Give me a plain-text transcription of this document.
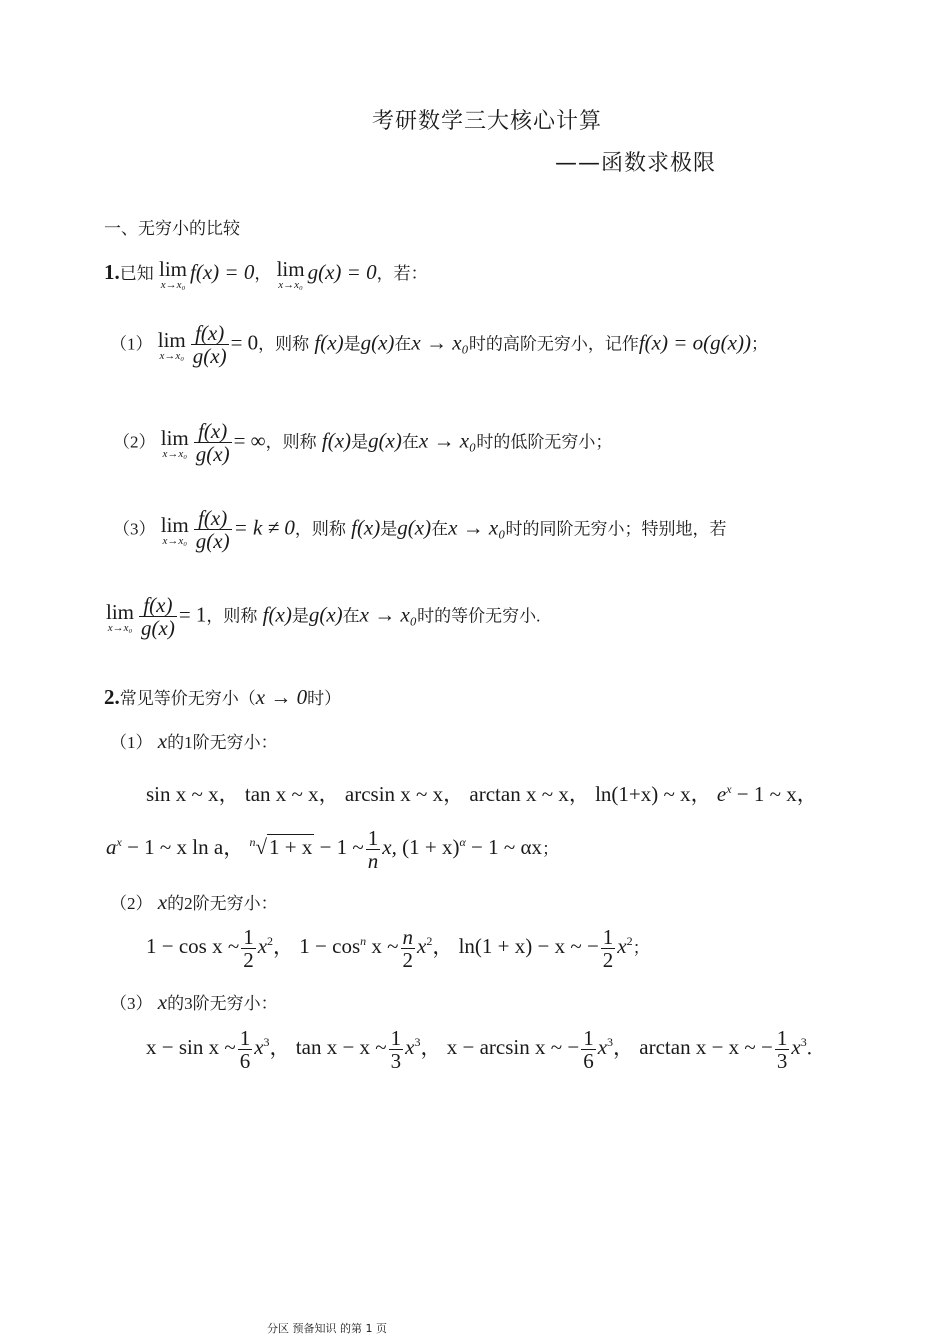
考研数学三大核心计算
——函数求极限
一、无穷小的比较
1.已知 lim
x→x₀
f(x) = 0， lim
x→x₀
g(x) = 0，若：
（1） lim
$x\to x_0 \frac{f(x)}{g(x)} = 0$，则称 f(x)是g(x)在x → x₀时的高阶无穷小，记作f(x) = o(g(x))；
（2） lim
$x\to x_0 \frac{f(x)}{g(x)}$ = ∞，则称 f(x)是g(x)在x → x₀时的低阶无穷小；
（3） lim
$x\to x_0 \frac{f(x)}{g(x)} = k \ne 0$，则称 f(x)是g(x)在x → x₀时的同阶无穷小；特别地，若
lim
$x\to x_0 \frac{f(x)}{g(x)} = 1$，则称 f(x)是g(x)在x → x₀时的等价无穷小.
2.常见等价无穷小（x → 0时）
（1） x的1阶无穷小：
sin x ~ x， tan x ~ x， arcsin x ~ x， arctan x ~ x， ln(1+x) ~ x， $e^x - 1$ ~ x，
$a^x - 1$ ~ x ln a， $^n$√1 + x − 1 ~ $\frac{1}{n} x$, $(1 + x)^\alpha - 1$ ~ αx；
（2） x的2阶无穷小：
1 − cos x ~ $\frac{1}{2} x^2$， $1 - \cos^n x$ ~ $\frac{n}{2} x^2$， ln(1 + x) − x ~ − $\frac{1}{2} x^2$；
（3） x的3阶无穷小：
x − sin x ~ $\frac{1}{6} x^3$， tan x − x ~ $\frac{1}{3} x^3$， x − arcsin x ~ − $\frac{1}{6} x^3$， arctan x − x ~ − $\frac{1}{3} x^3$.
分区 预备知识 的第 1 页
